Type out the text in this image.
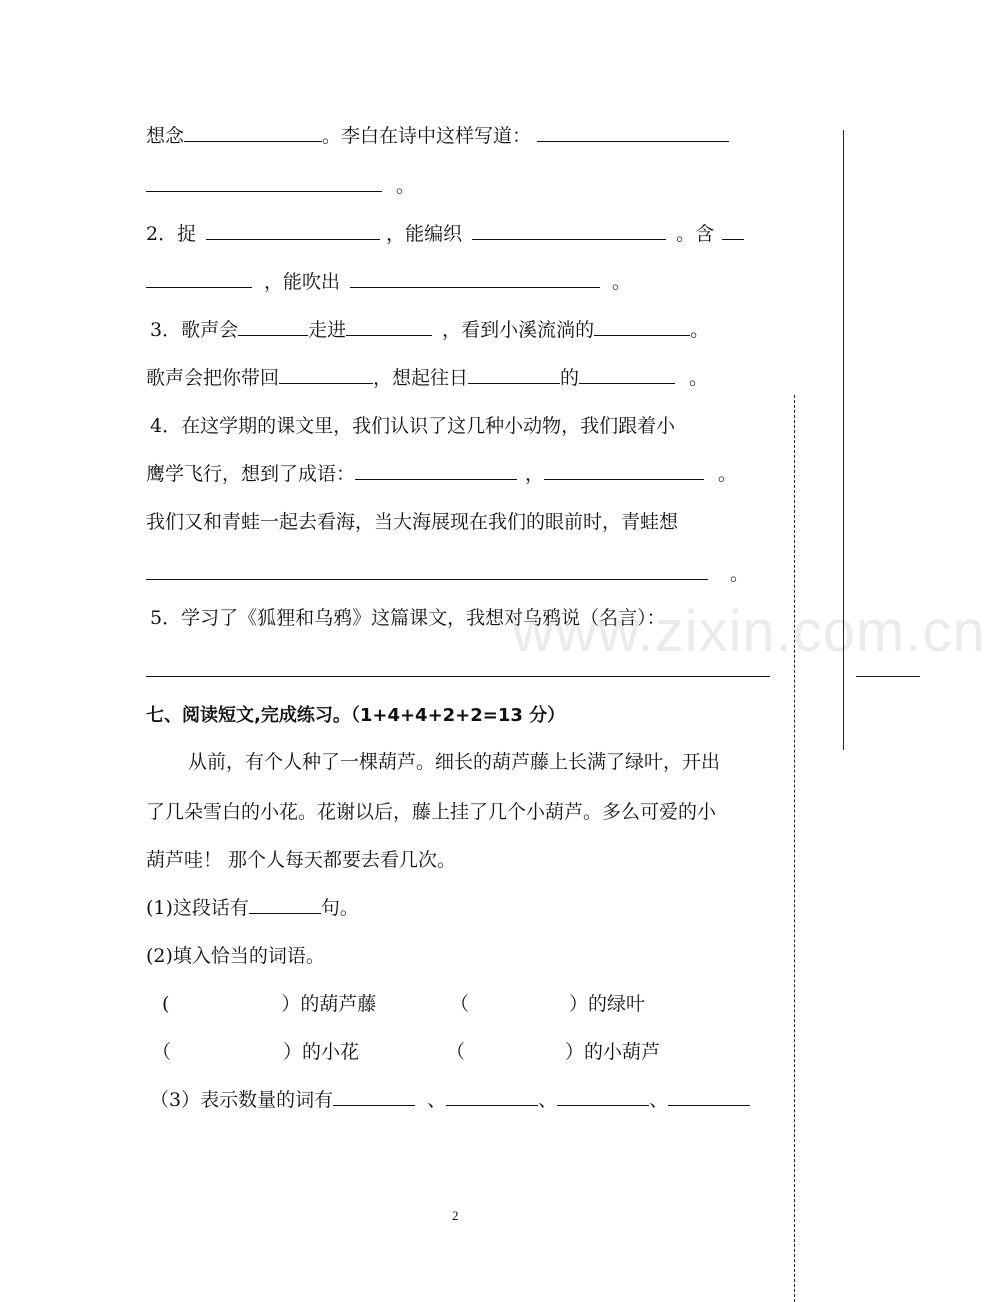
www.zixin.com.cn
想念	。李白在诗中这样写道：
。
2．捉	，能编织	。含
，能吹出	。
3．歌声会	走进	，看到小溪流淌的	。
歌声会把你带回	，想起往日	的	。
4．在这学期的课文里，我们认识了这几种小动物，我们跟着小
鹰学飞行，想到了成语：	，	。
我们又和青蛙一起去看海，当大海展现在我们的眼前时，青蛙想
。
5．学习了《狐狸和乌鸦》这篇课文，我想对乌鸦说（名言）：
七、阅读短文,完成练习。（1+4+4+2+2=13 分）
从前，有个人种了一棵葫芦。细长的葫芦藤上长满了绿叶，开出
了几朵雪白的小花。花谢以后，藤上挂了几个小葫芦。多么可爱的小
葫芦哇！ 那个人每天都要去看几次。
(1)这段话有	句。
(2)填入恰当的词语。
(	）的葫芦藤	（	）的绿叶
（	）的小花	（	）的小葫芦
（3）表示数量的词有	、	、	、
2
